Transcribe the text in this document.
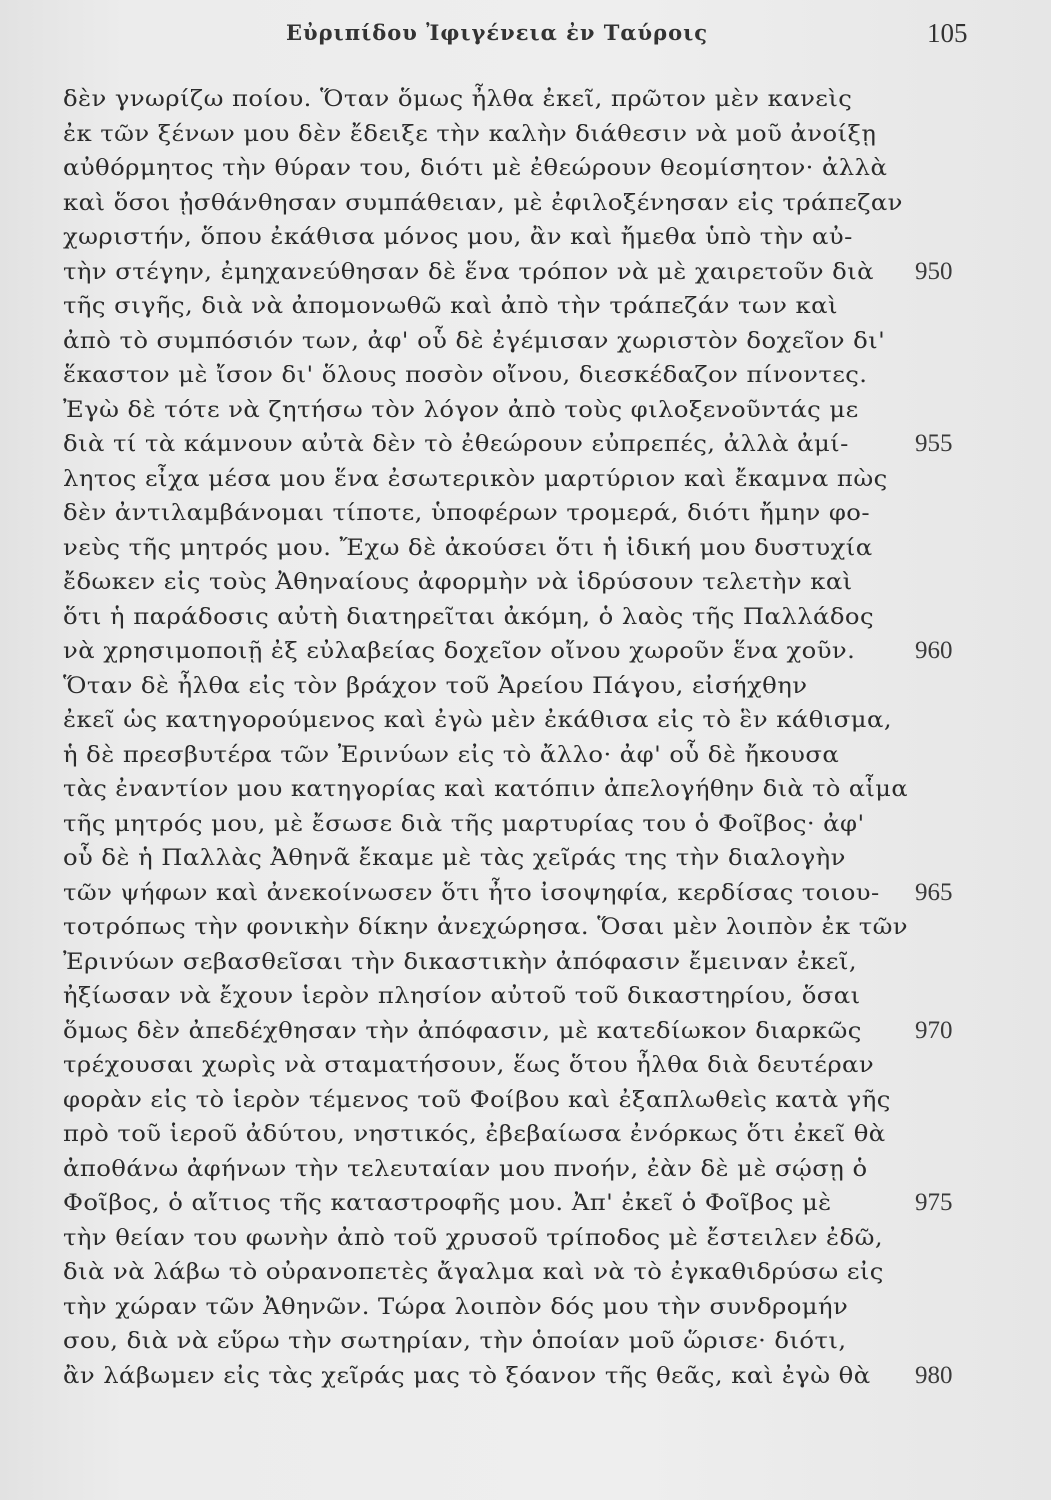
Εὐριπίδου Ἰφιγένεια ἐν Ταύροις	105
δὲν γνωρίζω ποίου. Ὅταν ὅμως ἦλθα ἐκεῖ, πρῶτον μὲν κανεὶς
ἐκ τῶν ξένων μου δὲν ἔδειξε τὴν καλὴν διάθεσιν νὰ μοῦ ἀνοίξῃ
αὐθόρμητος τὴν θύραν του, διότι μὲ ἐθεώρουν θεομίσητον· ἀλλὰ
καὶ ὅσοι ᾐσθάνθησαν συμπάθειαν, μὲ ἐφιλοξένησαν εἰς τράπεζαν
χωριστήν, ὅπου ἐκάθισα μόνος μου, ἂν καὶ ἤμεθα ὑπὸ τὴν αὐ-
τὴν στέγην, ἐμηχανεύθησαν δὲ ἕνα τρόπον νὰ μὲ χαιρετοῦν διὰ 950
τῆς σιγῆς, διὰ νὰ ἀπομονωθῶ καὶ ἀπὸ τὴν τράπεζάν των καὶ
ἀπὸ τὸ συμπόσιόν των, ἀφ' οὗ δὲ ἐγέμισαν χωριστὸν δοχεῖον δι'
ἕκαστον μὲ ἴσον δι' ὅλους ποσὸν οἴνου, διεσκέδαζον πίνοντες.
Ἐγὼ δὲ τότε νὰ ζητήσω τὸν λόγον ἀπὸ τοὺς φιλοξενοῦντάς με
διὰ τί τὰ κάμνουν αὐτὰ δὲν τὸ ἐθεώρουν εὐπρεπές, ἀλλὰ ἀμί-	955
λητος εἶχα μέσα μου ἕνα ἐσωτερικὸν μαρτύριον καὶ ἔκαμνα πὼς
δὲν ἀντιλαμβάνομαι τίποτε, ὑποφέρων τρομερά, διότι ἤμην φο-
νεὺς τῆς μητρός μου. Ἔχω δὲ ἀκούσει ὅτι ἡ ἰδική μου δυστυχία
ἔδωκεν εἰς τοὺς Ἀθηναίους ἀφορμὴν νὰ ἱδρύσουν τελετὴν καὶ
ὅτι ἡ παράδοσις αὐτὴ διατηρεῖται ἀκόμη, ὁ λαὸς τῆς Παλλάδος
νὰ χρησιμοποιῇ ἐξ εὐλαβείας δοχεῖον οἴνου χωροῦν ἕνα χοῦν. 960
Ὅταν δὲ ἦλθα εἰς τὸν βράχον τοῦ Ἀρείου Πάγου, εἰσήχθην
ἐκεῖ ὡς κατηγορούμενος καὶ ἐγὼ μὲν ἐκάθισα εἰς τὸ ἓν κάθισμα,
ἡ δὲ πρεσβυτέρα τῶν Ἐρινύων εἰς τὸ ἄλλο· ἀφ' οὗ δὲ ἤκουσα
τὰς ἐναντίον μου κατηγορίας καὶ κατόπιν ἀπελογήθην διὰ τὸ αἷμα
τῆς μητρός μου, μὲ ἔσωσε διὰ τῆς μαρτυρίας του ὁ Φοῖβος· ἀφ'
οὗ δὲ ἡ Παλλὰς Ἀθηνᾶ ἔκαμε μὲ τὰς χεῖράς της τὴν διαλογὴν
τῶν ψήφων καὶ ἀνεκοίνωσεν ὅτι ἦτο ἰσοψηφία, κερδίσας τοιου- 965
τοτρόπως τὴν φονικὴν δίκην ἀνεχώρησα. Ὅσαι μὲν λοιπὸν ἐκ τῶν
Ἐρινύων σεβασθεῖσαι τὴν δικαστικὴν ἀπόφασιν ἔμειναν ἐκεῖ,
ἠξίωσαν νὰ ἔχουν ἱερὸν πλησίον αὐτοῦ τοῦ δικαστηρίου, ὅσαι
ὅμως δὲν ἀπεδέχθησαν τὴν ἀπόφασιν, μὲ κατεδίωκον διαρκῶς 970
τρέχουσαι χωρὶς νὰ σταματήσουν, ἕως ὅτου ἦλθα διὰ δευτέραν
φορὰν εἰς τὸ ἱερὸν τέμενος τοῦ Φοίβου καὶ ἐξαπλωθεὶς κατὰ γῆς
πρὸ τοῦ ἱεροῦ ἀδύτου, νηστικός, ἐβεβαίωσα ἐνόρκως ὅτι ἐκεῖ θὰ
ἀποθάνω ἀφήνων τὴν τελευταίαν μου πνοήν, ἐὰν δὲ μὲ σῴσῃ ὁ
Φοῖβος, ὁ αἴτιος τῆς καταστροφῆς μου. Ἀπ' ἐκεῖ ὁ Φοῖβος μὲ	975
τὴν θείαν του φωνὴν ἀπὸ τοῦ χρυσοῦ τρίποδος μὲ ἔστειλεν ἐδῶ,
διὰ νὰ λάβω τὸ οὐρανοπετὲς ἄγαλμα καὶ νὰ τὸ ἐγκαθιδρύσω εἰς
τὴν χώραν τῶν Ἀθηνῶν. Τώρα λοιπὸν δός μου τὴν συνδρομήν
σου, διὰ νὰ εὕρω τὴν σωτηρίαν, τὴν ὁποίαν μοῦ ὥρισε· διότι,
ἂν λάβωμεν εἰς τὰς χεῖράς μας τὸ ξόανον τῆς θεᾶς, καὶ ἐγὼ θὰ 980
